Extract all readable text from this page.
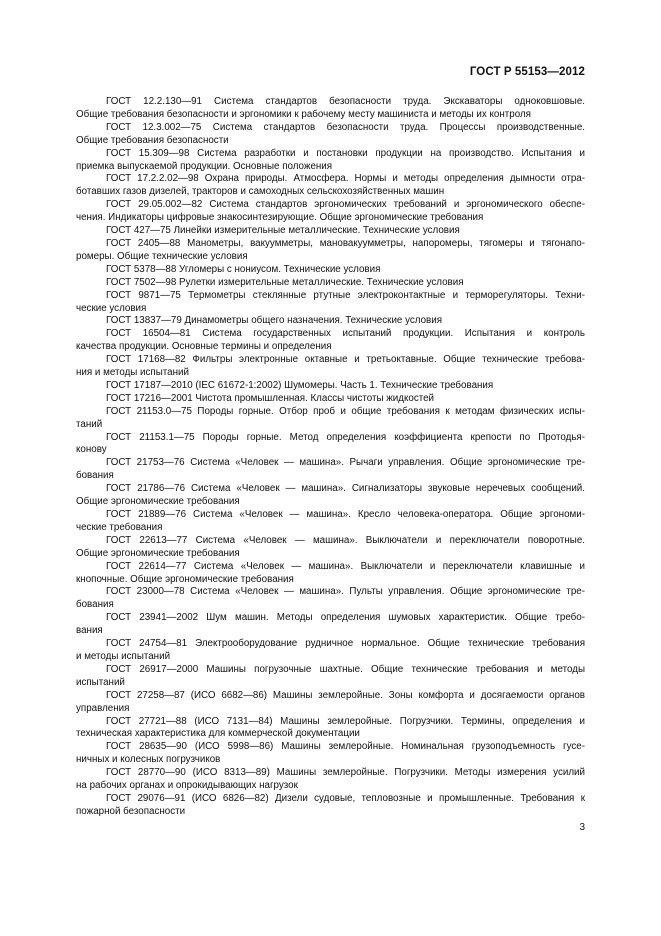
ГОСТ Р 55153—2012
ГОСТ 12.2.130—91 Система стандартов безопасности труда. Экскаваторы одноковшовые.
Общие требования безопасности и эргономики к рабочему месту машиниста и методы их контроля
ГОСТ 12.3.002—75 Система стандартов безопасности труда. Процессы производственные.
Общие требования безопасности
ГОСТ 15.309—98 Система разработки и постановки продукции на производство. Испытания и
приемка выпускаемой продукции. Основные положения
ГОСТ 17.2.2.02—98 Охрана природы. Атмосфера. Нормы и методы определения дымности отра-
ботавших газов дизелей, тракторов и самоходных сельскохозяйственных машин
ГОСТ 29.05.002—82 Система стандартов эргономических требований и эргономического обеспе-
чения. Индикаторы цифровые знакосинтезирующие. Общие эргономические требования
ГОСТ 427—75 Линейки измерительные металлические. Технические условия
ГОСТ 2405—88 Манометры, вакуумметры, мановакуумметры, напоромеры, тягомеры и тягонапо-
ромеры. Общие технические условия
ГОСТ 5378—88 Угломеры с нониусом. Технические условия
ГОСТ 7502—98 Рулетки измерительные металлические. Технические условия
ГОСТ 9871—75 Термометры стеклянные ртутные электроконтактные и терморегуляторы. Техни-
ческие условия
ГОСТ 13837—79 Динамометры общего назначения. Технические условия
ГОСТ 16504—81 Система государственных испытаний продукции. Испытания и контроль
качества продукции. Основные термины и определения
ГОСТ 17168—82 Фильтры электронные октавные и третьоктавные. Общие технические требова-
ния и методы испытаний
ГОСТ 17187—2010 (IEC 61672-1:2002) Шумомеры. Часть 1. Технические требования
ГОСТ 17216—2001 Чистота промышленная. Классы чистоты жидкостей
ГОСТ 21153.0—75 Породы горные. Отбор проб и общие требования к методам физических испы-
таний
ГОСТ 21153.1—75 Породы горные. Метод определения коэффициента крепости по Протодья-
конову
ГОСТ 21753—76 Система «Человек — машина». Рычаги управления. Общие эргономические тре-
бования
ГОСТ 21786—76 Система «Человек — машина». Сигнализаторы звуковые неречевых сообщений.
Общие эргономические требования
ГОСТ 21889—76 Система «Человек — машина». Кресло человека-оператора. Общие эргономи-
ческие требования
ГОСТ 22613—77 Система «Человек — машина». Выключатели и переключатели поворотные.
Общие эргономические требования
ГОСТ 22614—77 Система «Человек — машина». Выключатели и переключатели клавишные и
кнопочные. Общие эргономические требования
ГОСТ 23000—78 Система «Человек — машина». Пульты управления. Общие эргономические тре-
бования
ГОСТ 23941—2002 Шум машин. Методы определения шумовых характеристик. Общие требо-
вания
ГОСТ 24754—81 Электрооборудование рудничное нормальное. Общие технические требования
и методы испытаний
ГОСТ 26917—2000 Машины погрузочные шахтные. Общие технические требования и методы
испытаний
ГОСТ 27258—87 (ИСО 6682—86) Машины землеройные. Зоны комфорта и досягаемости органов
управления
ГОСТ 27721—88 (ИСО 7131—84) Машины землеройные. Погрузчики. Термины, определения и
техническая характеристика для коммерческой документации
ГОСТ 28635—90 (ИСО 5998—86) Машины землеройные. Номинальная грузоподъемность гусе-
ничных и колесных погрузчиков
ГОСТ 28770—90 (ИСО 8313—89) Машины землеройные. Погрузчики. Методы измерения усилий
на рабочих органах и опрокидывающих нагрузок
ГОСТ 29076—91 (ИСО 6826—82) Дизели судовые, тепловозные и промышленные. Требования к
пожарной безопасности
3
